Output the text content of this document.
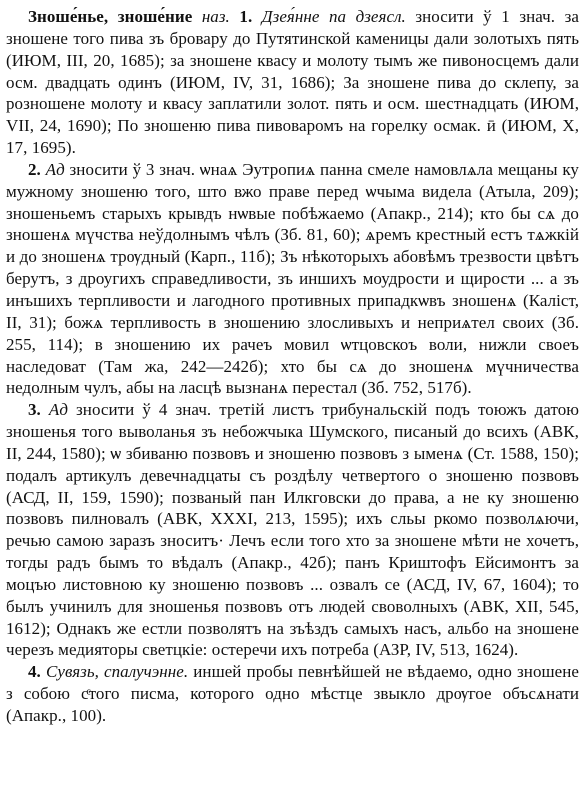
Зноше́нье, зноше́ние наз. 1. Дзея́нне па дзеясл. зносити ў 1 знач. за зношене того пива зъ бровару до Путятинской каменицы дали золотыхъ пять (ИЮМ, III, 20, 1685); за зношене квасу и молоту тымъ же пивоносцемъ дали осм. двадцать одинъ (ИЮМ, IV, 31, 1686); За зношене пива до склепу, за розношене молоту и квасу заплатили золот. пять и осм. шестнадцать (ИЮМ, VII, 24, 1690); По зношеню пива пивоваромъ на горелку осмак. ӣ (ИЮМ, X, 17, 1695).

2. Ад зносити ў 3 знач. ѡнаѧ Эутропиѧ панна смеле намовлѧла мещаны ку мужному зношеню того, што вжо праве перед ѡчыма видела (Атыла, 209); зношеньемъ старыхъ крывдъ нѡвые побѣжаемо (Апакр., 214); кто бы сѧ до зношенѧ мүчства неўдолнымъ чѣлъ (Зб. 81, 60); ѧремъ крестный естъ тѧжкій и до зношенѧ трѹдный (Карп., 11б); Зъ нѣкоторыхъ абовѣмъ трезвости цвѣтъ берутъ, з дроугихъ справедливости, зъ иншихъ моудрости и щирости ... а зъ инъшихъ терпливости и лагодного противных припадкѡвъ зношенѧ (Каліст, II, 31); божѧ терпливость в зношению злосливыхъ и неприѧтел своих (Зб. 255, 114); в зношению их рачеъ мовил ѡтцовскоъ воли, нижли своеъ наследоват (Там жа, 242—242б); хто бы сѧ до зношенѧ мүчничества недолным чулъ, абы на ласцѣ вызнанѧ перестал (Зб. 752, 517б).

3. Ад зносити ў 4 знач. третій листъ трибунальскій подъ тоюжъ датою зношенья того выволанья зъ небожчыка Шумского, писаный до всихъ (АВК, II, 244, 1580); ѡ збиваню позвовъ и зношеню позвовъ з ыменѧ (Ст. 1588, 150); подалъ артикулъ девечнадцаты съ роздѣлу четвертого о зношеню позвовъ (АСД, II, 159, 1590); позваный пан Илкговски до права, а не ку зношеню позвовъ пилновалъ (АВК, XXXI, 213, 1595); ихъ сльы ркомо позволѧючи, речью самою заразъ зноситъ· Лечъ если того хто за зношене мѣти не хочетъ, тогды радъ бымъ то вѣдалъ (Апакр., 42б); панъ Криштофъ Ейсимонтъ за моцъю листовною ку зношеню позвовъ ... озвалъ се (АСД, IV, 67, 1604); то былъ учинилъ для зношенья позвовъ отъ людей своволныхъ (АВК, XII, 545, 1612); Однакъ же естли позволятъ на зъѣздъ самыхъ насъ, альбо на зношене черезъ медияторы светцкіе: остеречи ихъ потреба (АЗР, IV, 513, 1624).

4. Сувязь, спалучэнне. иншей пробы певнѣйшей не вѣдаемо, одно зношене з собою сͨтого писма, которого одно мѣстце звыкло дрѹгое объсѧнати (Апакр., 100).
